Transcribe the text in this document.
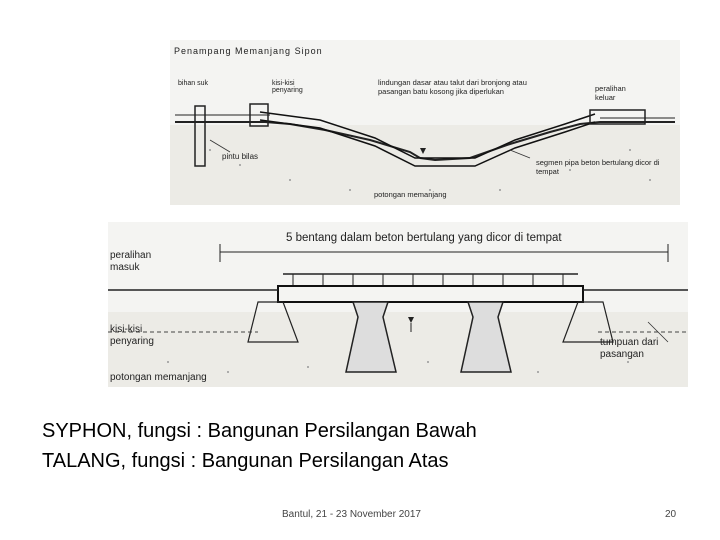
Penampang Memanjang Sipon
bihan suk	kisi-kisi penyaring
lindungan dasar atau talut dari bronjong atau pasangan batu kosong jika diperlukan	peralihan keluar
pintu bilas
segmen pipa beton bertulang dicor di tempat
potongan memanjang
5 bentang dalam beton bertulang yang dicor di tempat
peralihan masuk
kisi-kisi penyaring	tumpuan dari pasangan
potongan memanjang
SYPHON, fungsi : Bangunan Persilangan Bawah
TALANG, fungsi : Bangunan Persilangan Atas
Bantul, 21 - 23 November 2017	20
